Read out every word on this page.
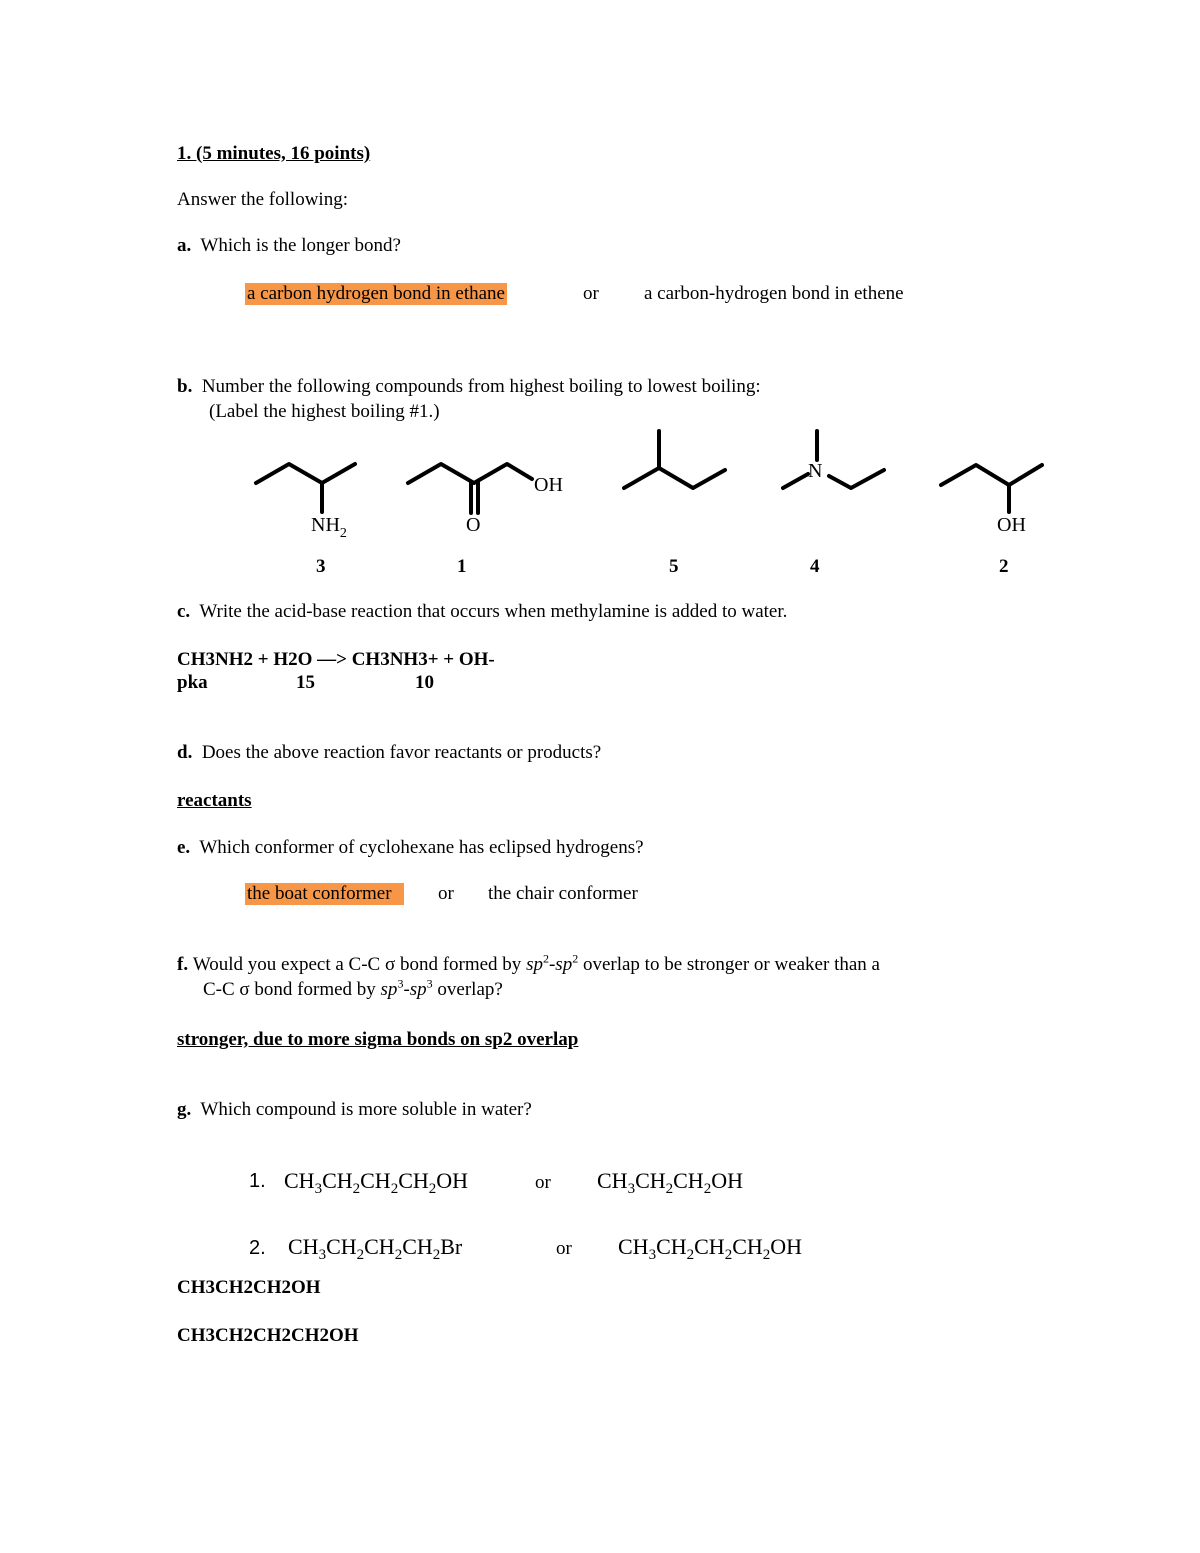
1. (5 minutes, 16 points)
Answer the following:
a. Which is the longer bond?
a carbon hydrogen bond in ethane	or a carbon-hydrogen bond in ethene
b. Number the following compounds from highest boiling to lowest boiling:
(Label the highest boiling #1.)
$NH_2$	O
OH
N
OH
3	1	5	4	2
c. Write the acid-base reaction that occurs when methylamine is added to water.
CH3NH2 + H2O —> CH3NH3+ + OH-
pka	15	10
d. Does the above reaction favor reactants or products?
reactants
e. Which conformer of cyclohexane has eclipsed hydrogens?
the boat conformer	or the chair conformer
f. Would you expect a C-C σ bond formed by $sp^2-sp^2$ overlap to be stronger or weaker than a
C-C σ bond formed by $sp^3-sp^3$ overlap?
stronger, due to more sigma bonds on sp2 overlap
g. Which compound is more soluble in water?
1. $CH_3CH_2CH_2CH_2OH$	or $CH_3CH_2CH_2OH$
2. $CH_3CH_2CH_2CH_2Br$	or $CH_3CH_2CH_2CH_2OH$
CH3CH2CH2OH
CH3CH2CH2CH2OH
